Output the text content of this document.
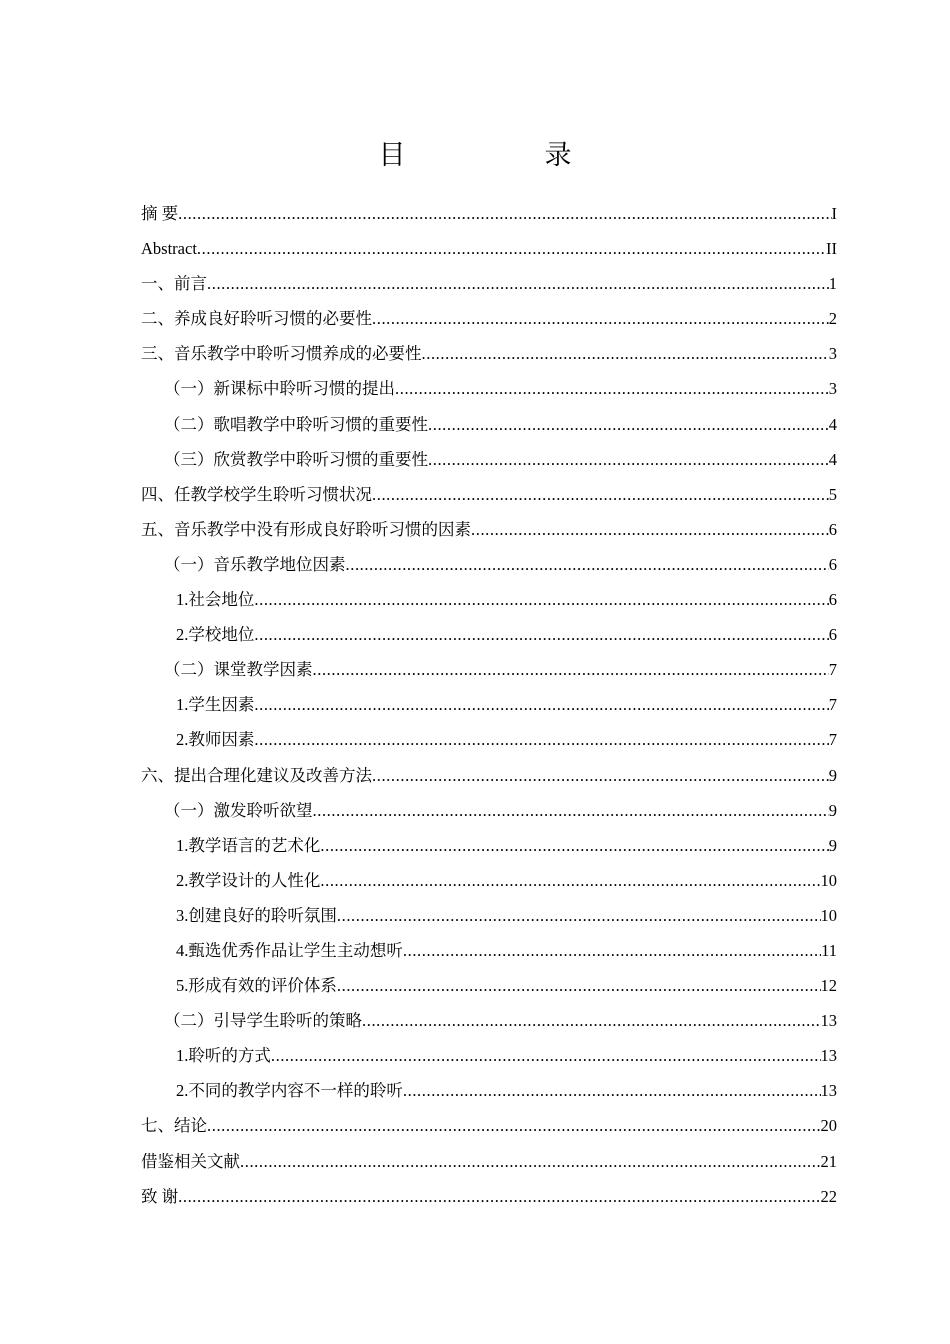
目　录
摘 要 .....	I
Abstract .....	II
一、前言 .....	1
二、养成良好聆听习惯的必要性 .....	2
三、音乐教学中聆听习惯养成的必要性 .....	3
（一）新课标中聆听习惯的提出 .....	3
（二）歌唱教学中聆听习惯的重要性 .....	4
（三）欣赏教学中聆听习惯的重要性 .....	4
四、任教学校学生聆听习惯状况 .....	5
五、音乐教学中没有形成良好聆听习惯的因素 .....	6
（一）音乐教学地位因素 .....	6
1.社会地位 .....	6
2.学校地位 .....	6
（二）课堂教学因素 .....	7
1.学生因素 .....	7
2.教师因素 .....	7
六、提出合理化建议及改善方法 .....	9
（一）激发聆听欲望 .....	9
1.教学语言的艺术化 .....	9
2.教学设计的人性化 .....	10
3.创建良好的聆听氛围 .....	10
4.甄选优秀作品让学生主动想听 .....	11
5.形成有效的评价体系 .....	12
（二）引导学生聆听的策略 .....	13
1.聆听的方式 .....	13
2.不同的教学内容不一样的聆听 .....	13
七、结论 .....	20
借鉴相关文献 .....	21
致 谢 .....	22
